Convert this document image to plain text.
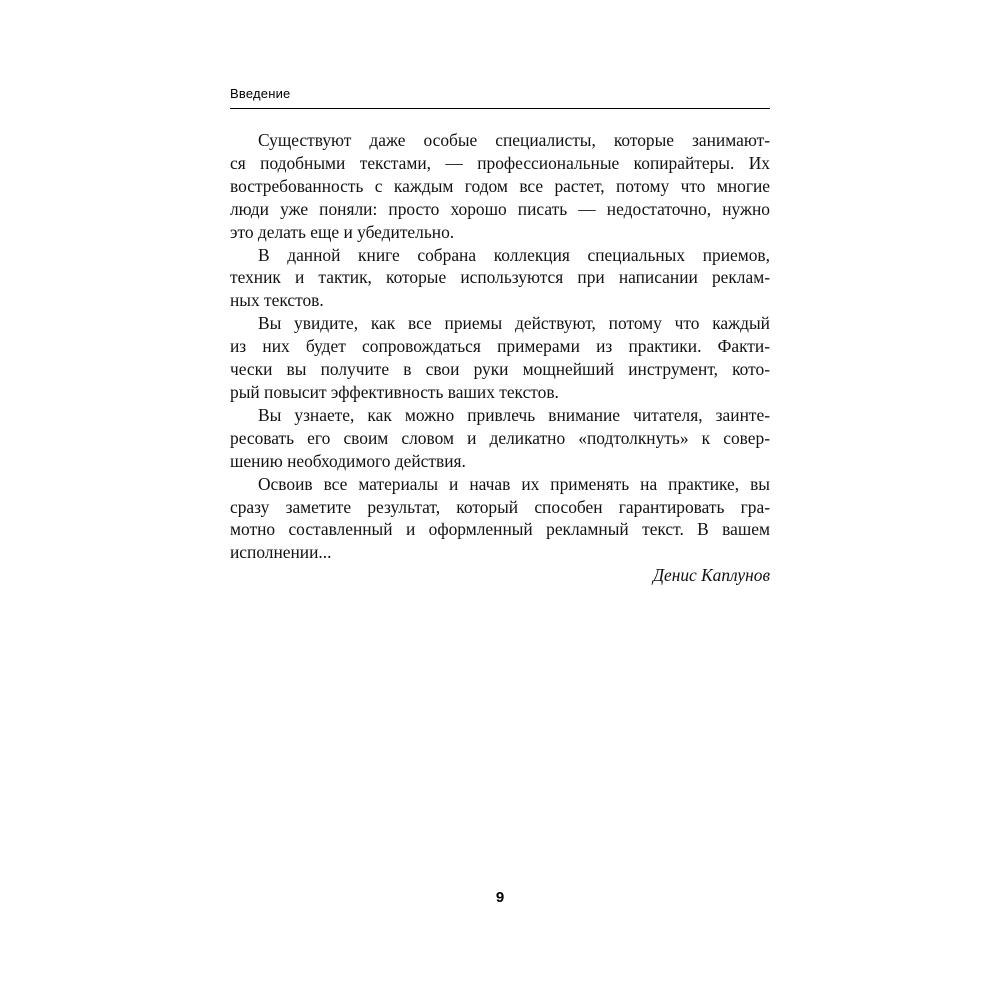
Введение
Существуют даже особые специалисты, которые занимают-
ся подобными текстами, — профессиональные копирайтеры. Их
востребованность с каждым годом все растет, потому что многие
люди уже поняли: просто хорошо писать — недостаточно, нужно
это делать еще и убедительно.
В данной книге собрана коллекция специальных приемов,
техник и тактик, которые используются при написании реклам-
ных текстов.
Вы увидите, как все приемы действуют, потому что каждый
из них будет сопровождаться примерами из практики. Факти-
чески вы получите в свои руки мощнейший инструмент, кото-
рый повысит эффективность ваших текстов.
Вы узнаете, как можно привлечь внимание читателя, заинте-
ресовать его своим словом и деликатно «подтолкнуть» к совер-
шению необходимого действия.
Освоив все материалы и начав их применять на практике, вы
сразу заметите результат, который способен гарантировать гра-
мотно составленный и оформленный рекламный текст. В вашем
исполнении...
Денис Каплунов
9
